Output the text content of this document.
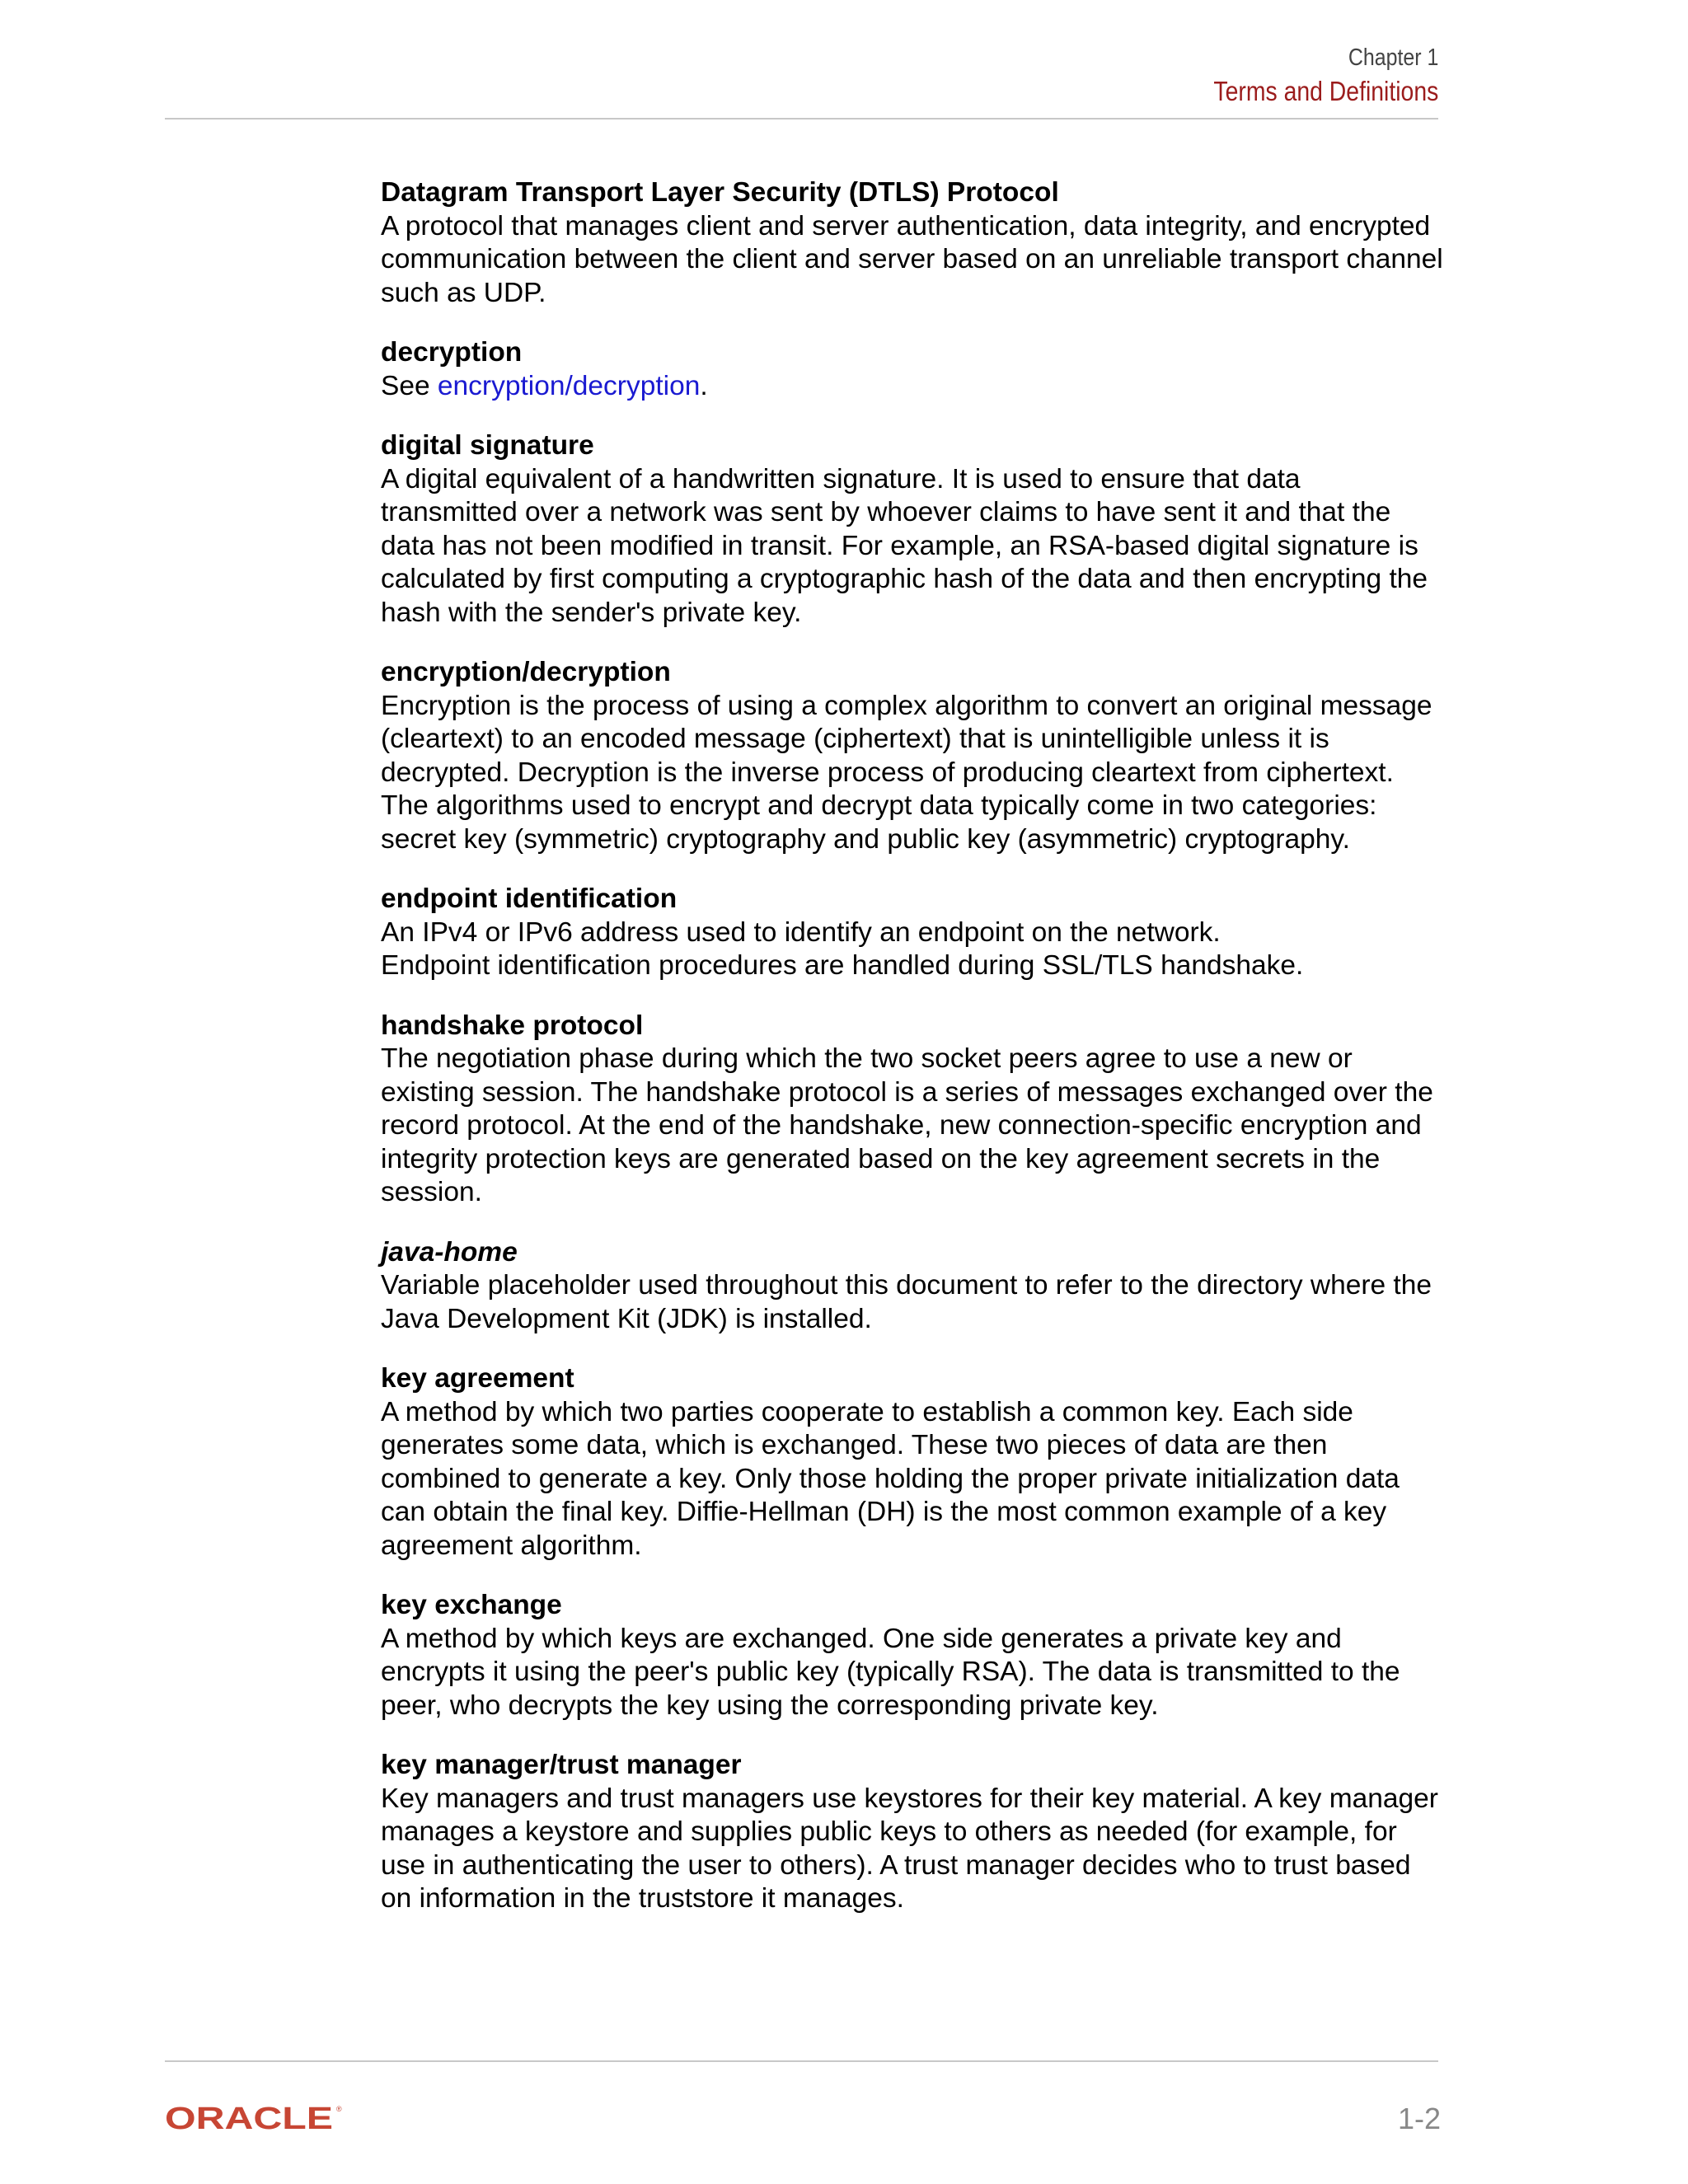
Chapter 1
Terms and Definitions

Datagram Transport Layer Security (DTLS) Protocol

A protocol that manages client and server authentication, data integrity, and encrypted communication between the client and server based on an unreliable transport channel such as UDP.

decryption

See encryption/decryption.

digital signature

A digital equivalent of a handwritten signature. It is used to ensure that data transmitted over a network was sent by whoever claims to have sent it and that the data has not been modified in transit. For example, an RSA-based digital signature is calculated by first computing a cryptographic hash of the data and then encrypting the hash with the sender's private key.

encryption/decryption

Encryption is the process of using a complex algorithm to convert an original message (cleartext) to an encoded message (ciphertext) that is unintelligible unless it is decrypted. Decryption is the inverse process of producing cleartext from ciphertext. The algorithms used to encrypt and decrypt data typically come in two categories: secret key (symmetric) cryptography and public key (asymmetric) cryptography.

endpoint identification

An IPv4 or IPv6 address used to identify an endpoint on the network.

Endpoint identification procedures are handled during SSL/TLS handshake.

handshake protocol

The negotiation phase during which the two socket peers agree to use a new or existing session. The handshake protocol is a series of messages exchanged over the record protocol. At the end of the handshake, new connection-specific encryption and integrity protection keys are generated based on the key agreement secrets in the session.

java-home

Variable placeholder used throughout this document to refer to the directory where the Java Development Kit (JDK) is installed.

key agreement

A method by which two parties cooperate to establish a common key. Each side generates some data, which is exchanged. These two pieces of data are then combined to generate a key. Only those holding the proper private initialization data can obtain the final key. Diffie-Hellman (DH) is the most common example of a key agreement algorithm.

key exchange

A method by which keys are exchanged. One side generates a private key and encrypts it using the peer's public key (typically RSA). The data is transmitted to the peer, who decrypts the key using the corresponding private key.

key manager/trust manager

Key managers and trust managers use keystores for their key material. A key manager manages a keystore and supplies public keys to others as needed (for example, for use in authenticating the user to others). A trust manager decides who to trust based on information in the truststore it manages.

ORACLE ®	1-2
